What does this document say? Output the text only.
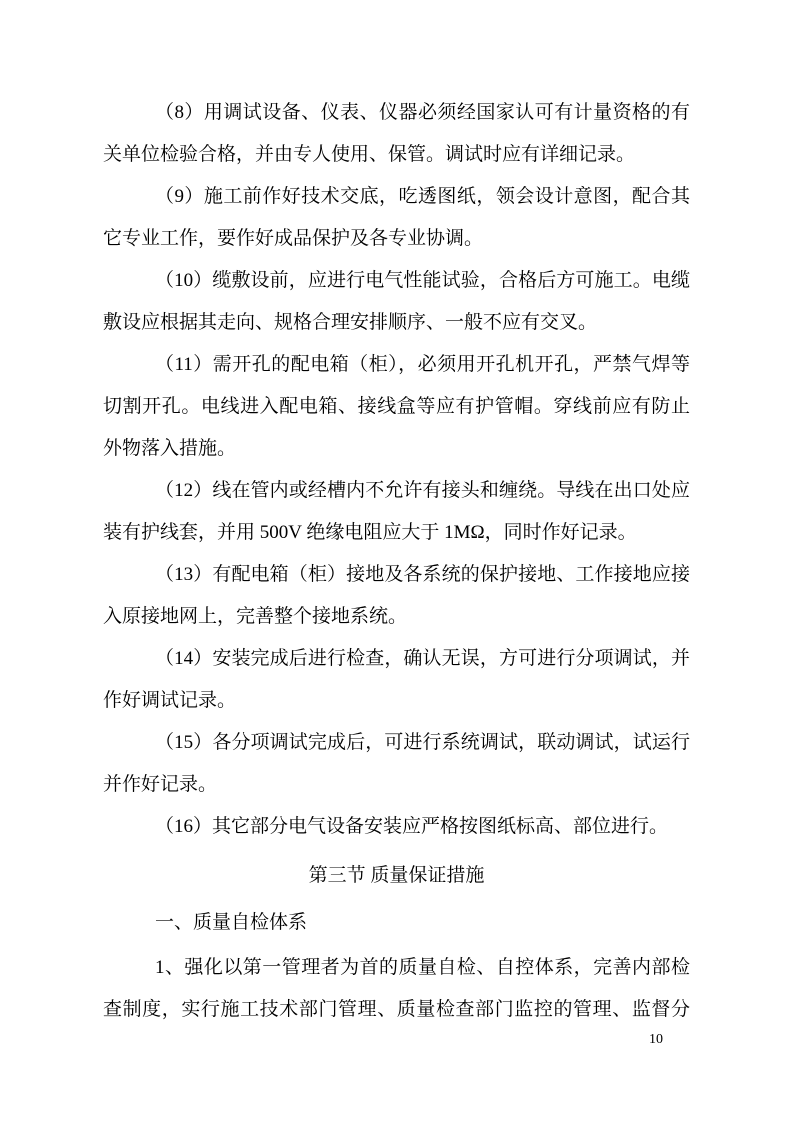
（8）用调试设备、仪表、仪器必须经国家认可有计量资格的有
关单位检验合格，并由专人使用、保管。调试时应有详细记录。
（9）施工前作好技术交底，吃透图纸，领会设计意图，配合其
它专业工作，要作好成品保护及各专业协调。
（10）缆敷设前，应进行电气性能试验，合格后方可施工。电缆
敷设应根据其走向、规格合理安排顺序、一般不应有交叉。
（11）需开孔的配电箱（柜），必须用开孔机开孔，严禁气焊等
切割开孔。电线进入配电箱、接线盒等应有护管帽。穿线前应有防止
外物落入措施。
（12）线在管内或经槽内不允许有接头和缠绕。导线在出口处应
装有护线套，并用 500V 绝缘电阻应大于 1MΩ，同时作好记录。
（13）有配电箱（柜）接地及各系统的保护接地、工作接地应接
入原接地网上，完善整个接地系统。
（14）安装完成后进行检查，确认无误，方可进行分项调试，并
作好调试记录。
（15）各分项调试完成后，可进行系统调试，联动调试，试运行
并作好记录。
（16）其它部分电气设备安装应严格按图纸标高、部位进行。
第三节 质量保证措施
一、质量自检体系
1、强化以第一管理者为首的质量自检、自控体系，完善内部检
查制度，实行施工技术部门管理、质量检查部门监控的管理、监督分
10
